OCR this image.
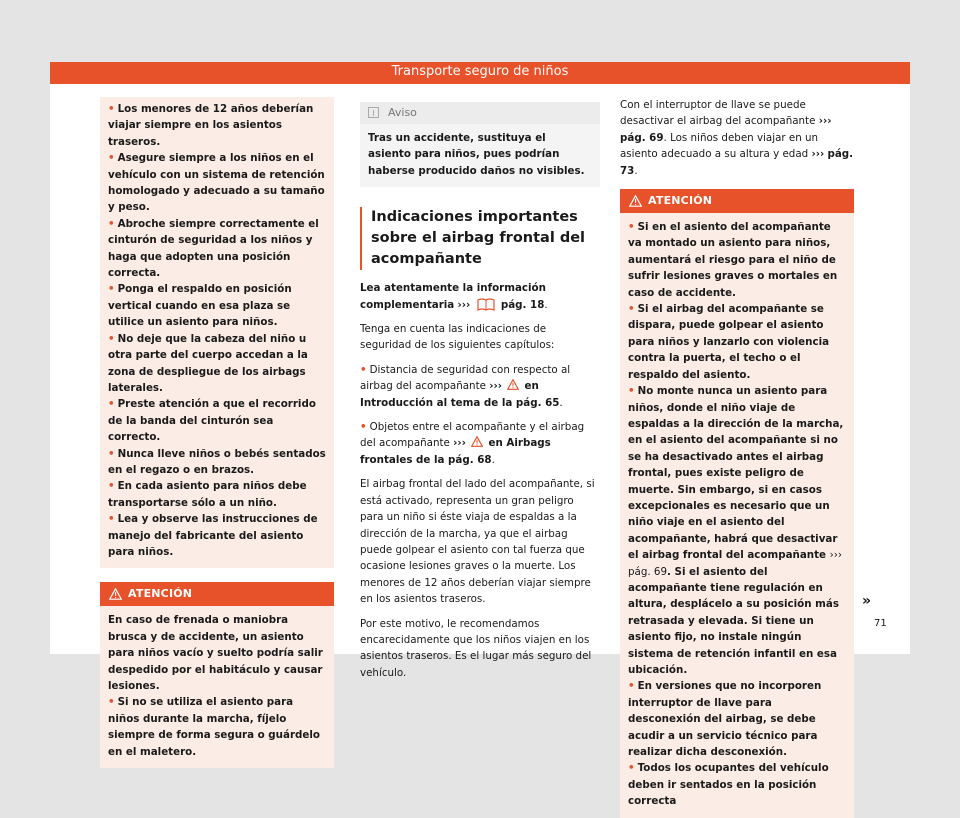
Transporte seguro de niños

• Los menores de 12 años deberían viajar siempre en los asientos traseros.

• Asegure siempre a los niños en el vehículo con un sistema de retención homologado y adecuado a su tamaño y peso.

• Abroche siempre correctamente el cinturón de seguridad a los niños y haga que adopten una posición correcta.

• Ponga el respaldo en posición vertical cuando en esa plaza se utilice un asiento para niños.

• No deje que la cabeza del niño u otra parte del cuerpo accedan a la zona de despliegue de los airbags laterales.

• Preste atención a que el recorrido de la banda del cinturón sea correcto.

• Nunca lleve niños o bebés sentados en el regazo o en brazos.

• En cada asiento para niños debe transportarse sólo a un niño.

• Lea y observe las instrucciones de manejo del fabricante del asiento para niños.

ATENCIÓN

En caso de frenada o maniobra brusca y de accidente, un asiento para niños vacío y suelto podría salir despedido por el habitáculo y causar lesiones.

• Si no se utiliza el asiento para niños durante la marcha, fíjelo siempre de forma segura o guárdelo en el maletero.

Aviso

Tras un accidente, sustituya el asiento para niños, pues podrían haberse producido daños no visibles.

Indicaciones importantes sobre el airbag frontal del acompañante

Lea atentamente la información complementaria ›››	pág. 18.

Tenga en cuenta las indicaciones de seguridad de los siguientes capítulos:

• Distancia de seguridad con respecto al airbag del acompañante ››› en Introducción al tema de la pág. 65.

• Objetos entre el acompañante y el airbag del acompañante ››› en Airbags frontales de la pág. 68.

El airbag frontal del lado del acompañante, si está activado, representa un gran peligro para un niño si éste viaja de espaldas a la dirección de la marcha, ya que el airbag puede golpear el asiento con tal fuerza que ocasione lesiones graves o la muerte. Los menores de 12 años deberían viajar siempre en los asientos traseros.

Por este motivo, le recomendamos encarecidamente que los niños viajen en los asientos traseros. Es el lugar más seguro del vehículo.

Con el interruptor de llave se puede desactivar el airbag del acompañante ››› pág. 69. Los niños deben viajar en un asiento adecuado a su altura y edad ››› pág. 73.

ATENCIÓN

• Si en el asiento del acompañante va montado un asiento para niños, aumentará el riesgo para el niño de sufrir lesiones graves o mortales en caso de accidente.

• Si el airbag del acompañante se dispara, puede golpear el asiento para niños y lanzarlo con violencia contra la puerta, el techo o el respaldo del asiento.

• No monte nunca un asiento para niños, donde el niño viaje de espaldas a la dirección de la marcha, en el asiento del acompañante si no se ha desactivado antes el airbag frontal, pues existe peligro de muerte. Sin embargo, si en casos excepcionales es necesario que un niño viaje en el asiento del acompañante, habrá que desactivar el airbag frontal del acompañante ››› pág. 69. Si el asiento del acompañante tiene regulación en altura, desplácelo a su posición más retrasada y elevada. Si tiene un asiento fijo, no instale ningún sistema de retención infantil en esa ubicación.

• En versiones que no incorporen interruptor de llave para desconexión del airbag, se debe acudir a un servicio técnico para realizar dicha desconexión.

• Todos los ocupantes del vehículo deben ir sentados en la posición correcta

»
71
